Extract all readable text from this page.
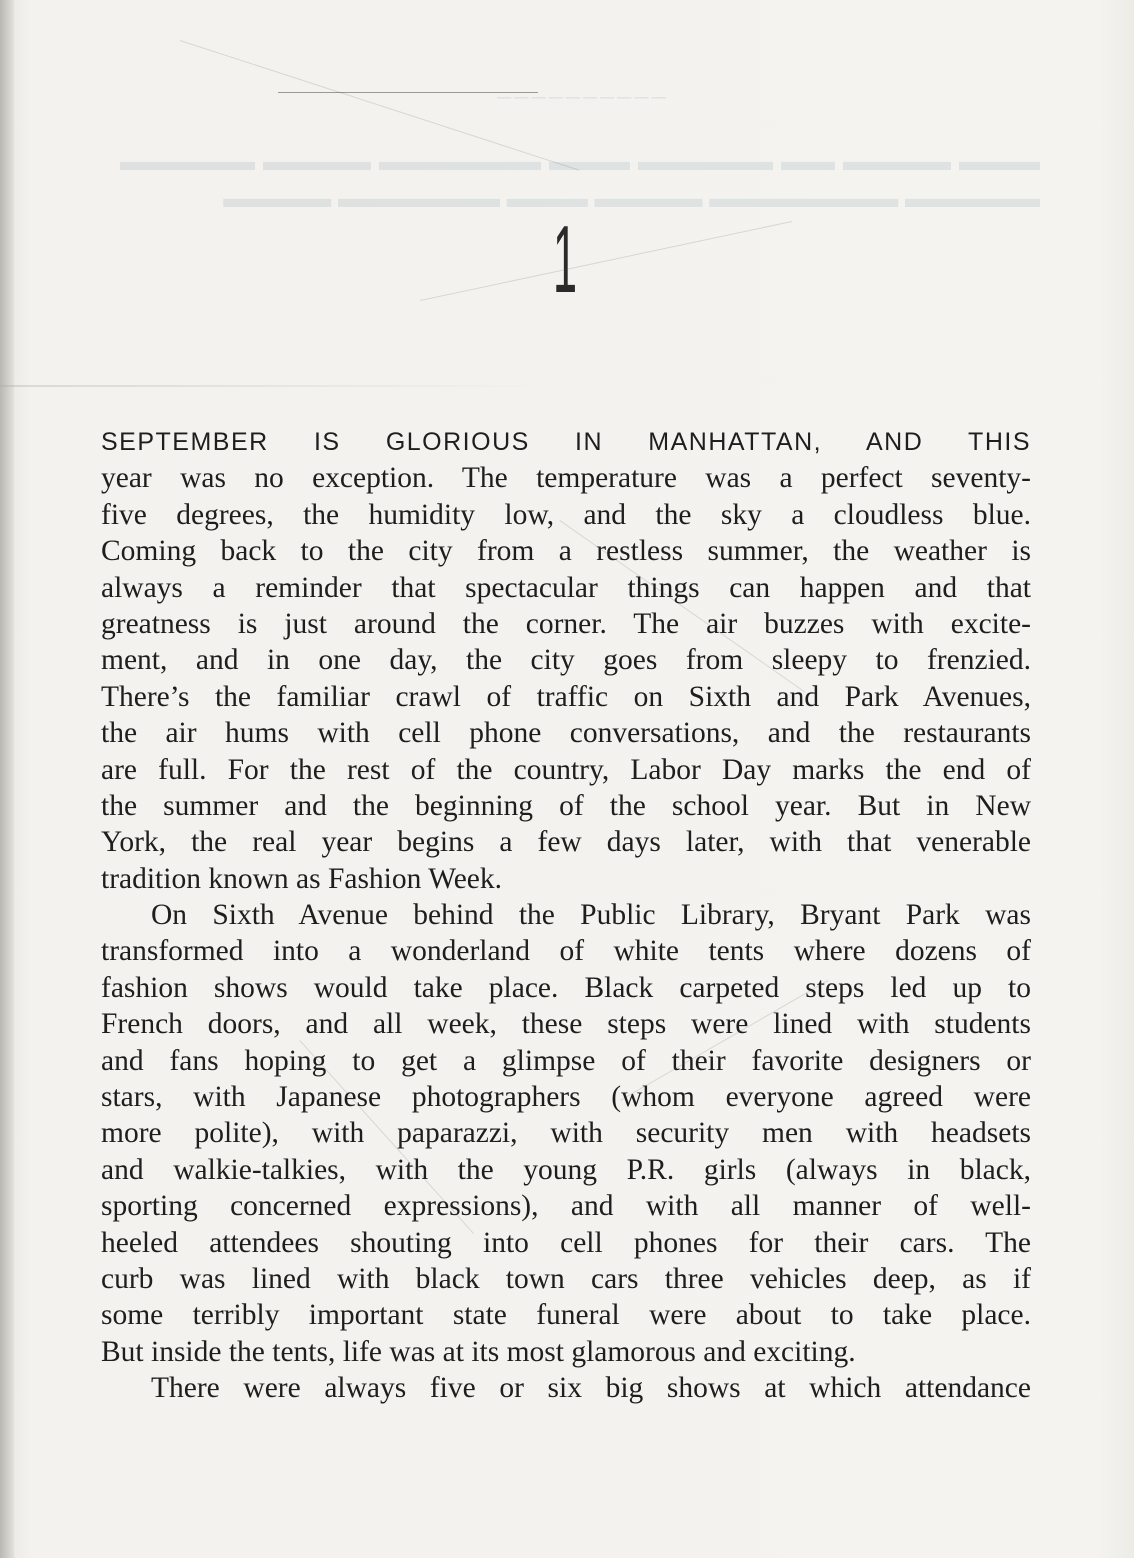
──────────
▬▬▬ ▬▬▬▬ ▬▬ ▬▬▬▬▬ ▬▬▬ ▬▬▬▬▬▬ ▬▬▬▬ ▬▬▬▬▬ ▬▬▬▬▬ ▬▬▬▬▬▬▬ ▬▬▬▬ ▬▬▬ ▬▬▬▬▬▬ ▬▬▬▬
1
SEPTEMBER IS GLORIOUS IN MANHATTAN, AND THIS
year was no exception. The temperature was a perfect seventy-
five degrees, the humidity low, and the sky a cloudless blue.
Coming back to the city from a restless summer, the weather is
always a reminder that spectacular things can happen and that
greatness is just around the corner. The air buzzes with excite-
ment, and in one day, the city goes from sleepy to frenzied.
There’s the familiar crawl of traffic on Sixth and Park Avenues,
the air hums with cell phone conversations, and the restaurants
are full. For the rest of the country, Labor Day marks the end of
the summer and the beginning of the school year. But in New
York, the real year begins a few days later, with that venerable
tradition known as Fashion Week.
On Sixth Avenue behind the Public Library, Bryant Park was
transformed into a wonderland of white tents where dozens of
fashion shows would take place. Black carpeted steps led up to
French doors, and all week, these steps were lined with students
and fans hoping to get a glimpse of their favorite designers or
stars, with Japanese photographers (whom everyone agreed were
more polite), with paparazzi, with security men with headsets
and walkie-talkies, with the young P.R. girls (always in black,
sporting concerned expressions), and with all manner of well-
heeled attendees shouting into cell phones for their cars. The
curb was lined with black town cars three vehicles deep, as if
some terribly important state funeral were about to take place.
But inside the tents, life was at its most glamorous and exciting.
There were always five or six big shows at which attendance
